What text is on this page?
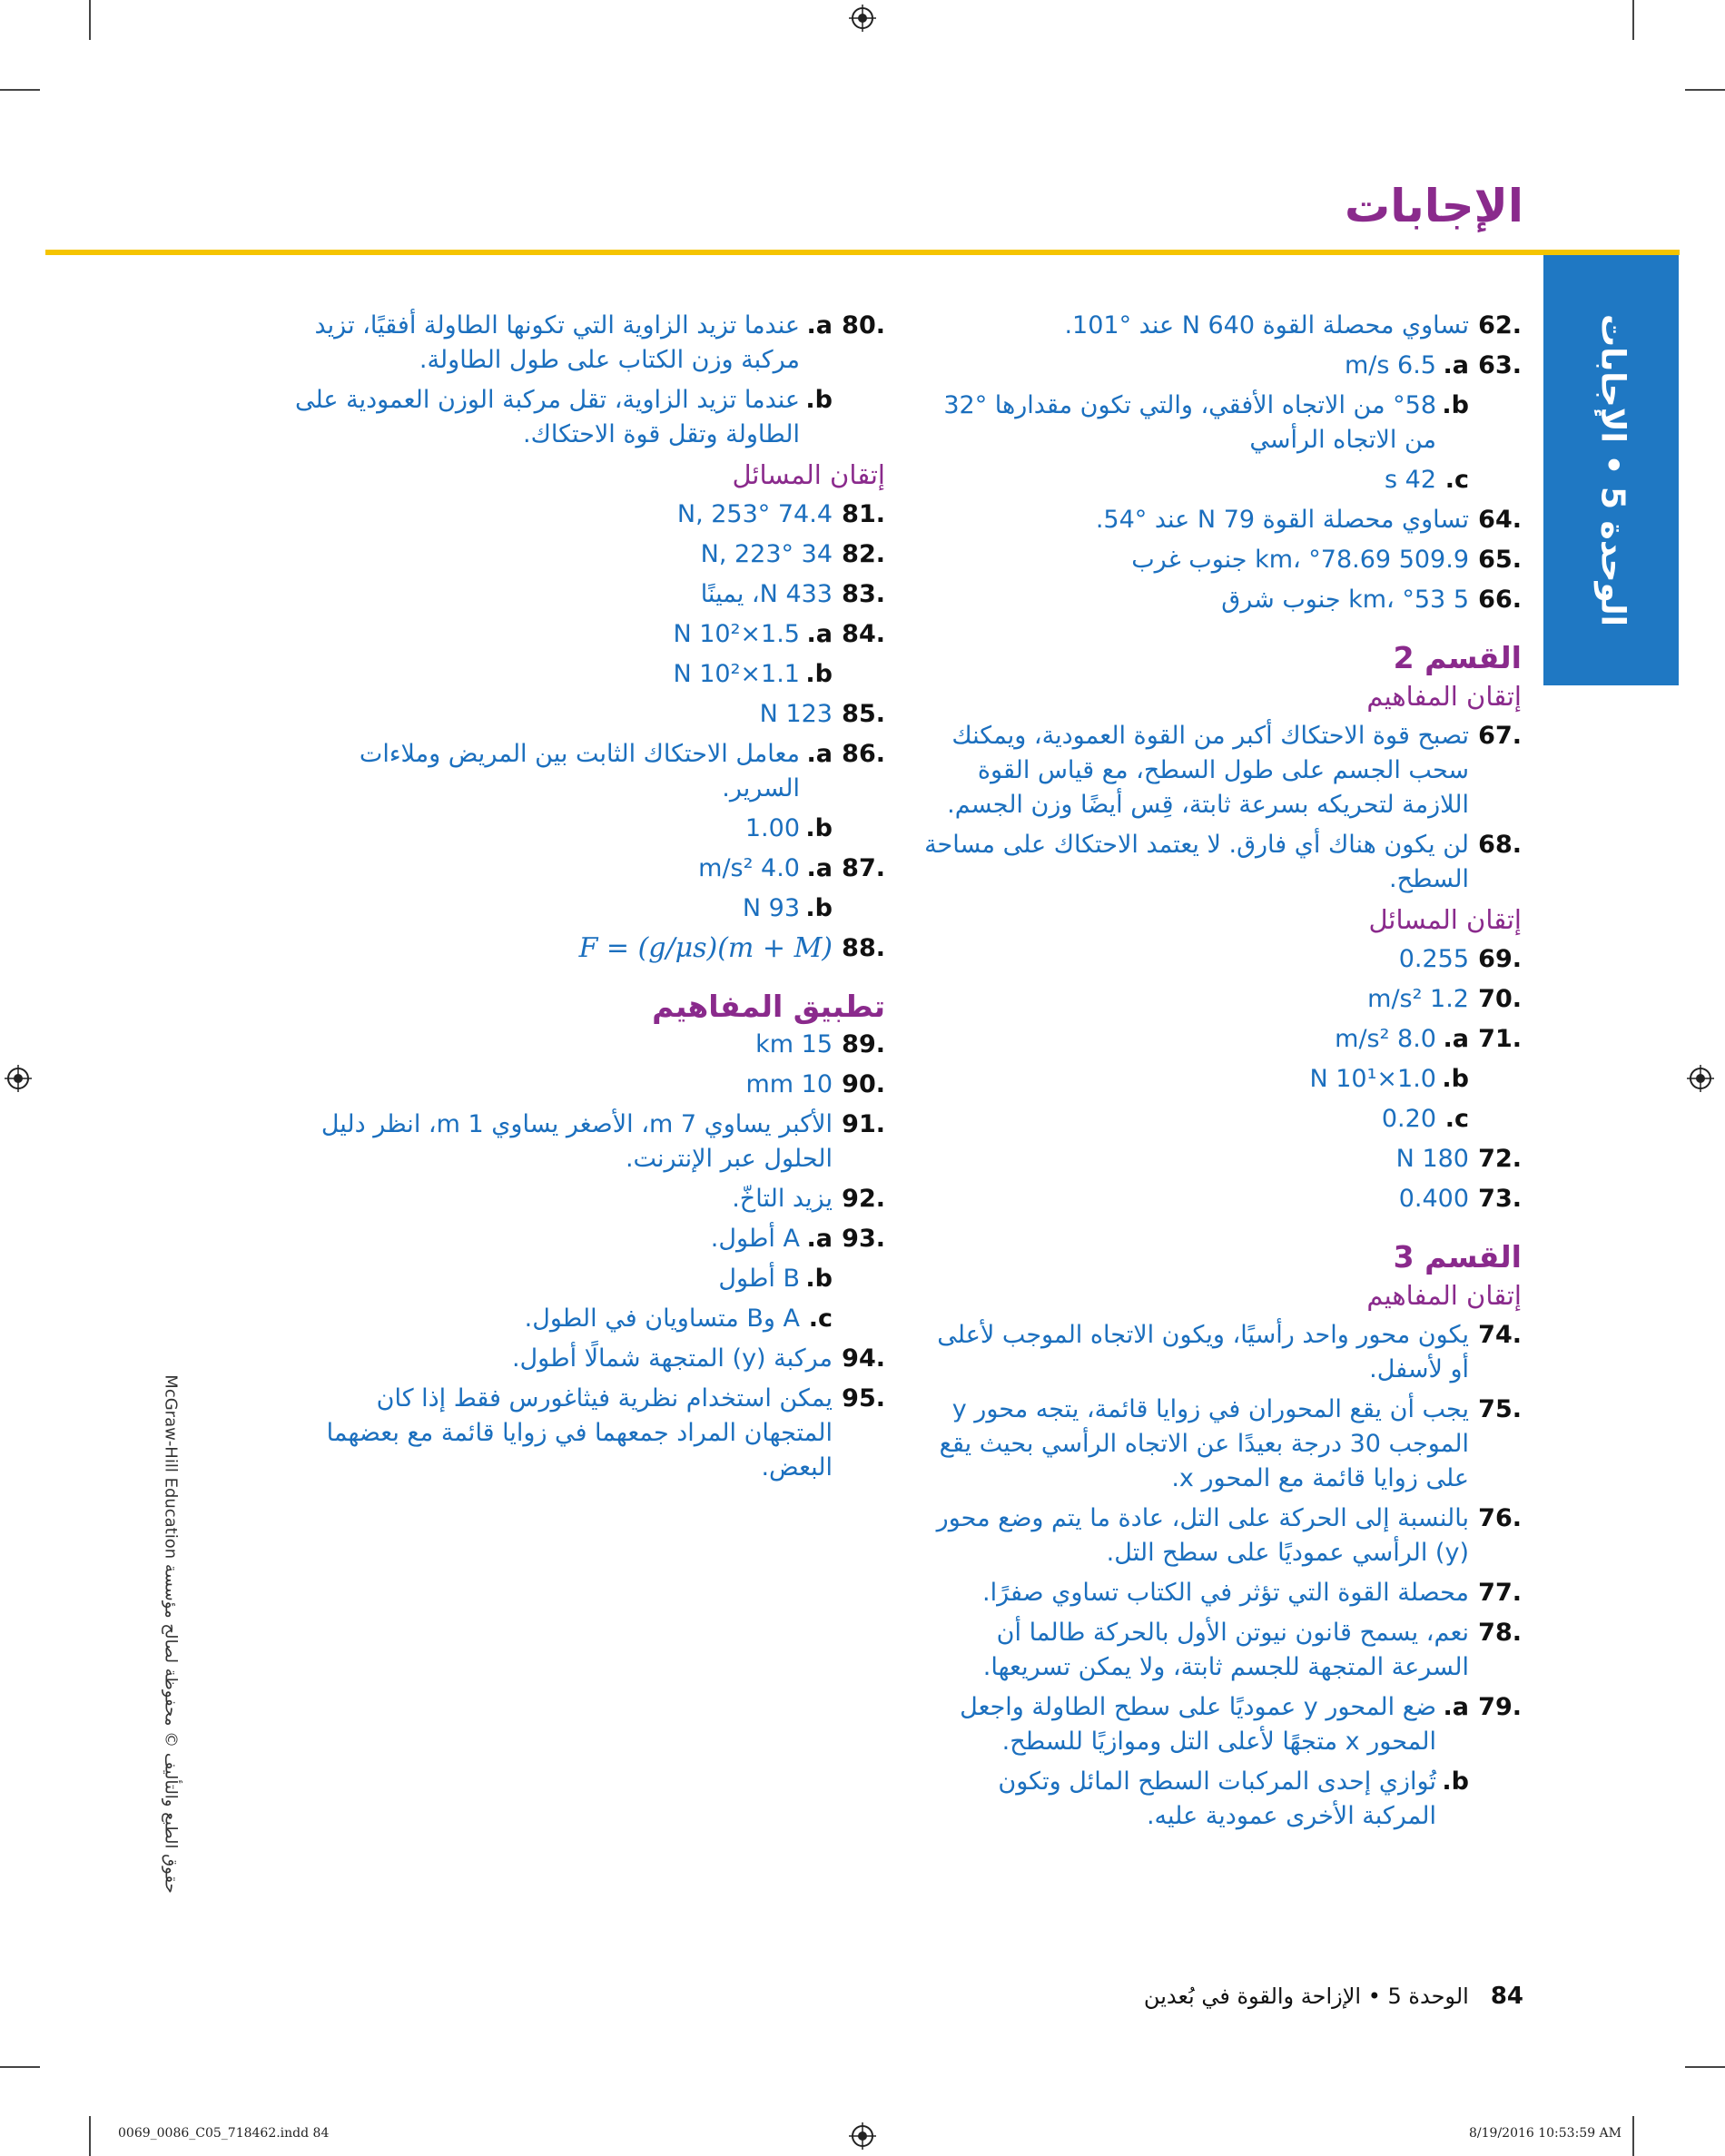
الإجابات
الوحدة 5 • الإجابات
.62
تساوي محصلة القوة 640 N عند °101.
.63
a.
6.5 m/s
b.
°58 من الاتجاه الأفقي، والتي تكون مقدارها °32 من الاتجاه الرأسي
c.
42 s
.64
تساوي محصلة القوة 79 N عند °54.
.65
509.9 km، °78.69 جنوب غرب
.66
5 km، °53 جنوب شرق
القسم 2
إتقان المفاهيم
.67
تصبح قوة الاحتكاك أكبر من القوة العمودية، ويمكنك سحب الجسم على طول السطح، مع قياس القوة اللازمة لتحريكه بسرعة ثابتة، قِس أيضًا وزن الجسم.
.68
لن يكون هناك أي فارق. لا يعتمد الاحتكاك على مساحة السطح.
إتقان المسائل
.69
0.255
.70
1.2 m/s²
.71
a.
8.0 m/s²
b.
1.0×10¹ N
c.
0.20
.72
180 N
.73
0.400
القسم 3
إتقان المفاهيم
.74
يكون محور واحد رأسيًا، ويكون الاتجاه الموجب لأعلى أو لأسفل.
.75
يجب أن يقع المحوران في زوايا قائمة، يتجه محور y الموجب 30 درجة بعيدًا عن الاتجاه الرأسي بحيث يقع على زوايا قائمة مع المحور x.
.76
بالنسبة إلى الحركة على التل، عادة ما يتم وضع محور (y) الرأسي عموديًا على سطح التل.
.77
محصلة القوة التي تؤثر في الكتاب تساوي صفرًا.
.78
نعم، يسمح قانون نيوتن الأول بالحركة طالما أن السرعة المتجهة للجسم ثابتة، ولا يمكن تسريعها.
.79
a.
ضع المحور y عموديًا على سطح الطاولة واجعل المحور x متجهًا لأعلى التل وموازيًا للسطح.
b.
تُوازي إحدى المركبات السطح المائل وتكون المركبة الأخرى عمودية عليه.
.80
a.
عندما تزيد الزاوية التي تكونها الطاولة أفقيًا، تزيد مركبة وزن الكتاب على طول الطاولة.
b.
عندما تزيد الزاوية، تقل مركبة الوزن العمودية على الطاولة وتقل قوة الاحتكاك.
إتقان المسائل
.81
74.4 N, 253°
.82
34 N, 223°
.83
433 N، يمينًا
.84
a.
1.5×10² N
b.
1.1×10² N
.85
123 N
.86
a.
معامل الاحتكاك الثابت بين المريض وملاءات السرير.
b.
1.00
.87
a.
4.0 m/s²
b.
93 N
.88
F = (g/μs)(m + M)
تطبيق المفاهيم
.89
15 km
.90
10 mm
.91
الأكبر يساوي 7 m، الأصغر يساوي 1 m، انظر دليل الحلول عبر الإنترنت.
.92
يزيد التاخّ.
.93
a.
A أطول.
b.
B أطول
c.
A وB متساويان في الطول.
.94
مركبة (y) المتجهة شمالًا أطول.
.95
يمكن استخدام نظرية فيثاغورس فقط إذا كان المتجهان المراد جمعهما في زوايا قائمة مع بعضهما البعض.
حقوق الطبع والتأليف © محفوظة لصالح مؤسسة McGraw-Hill Education
84
الوحدة 5 • الإزاحة والقوة في بُعدين
0069_0086_C05_718462.indd 84	8/19/2016 10:53:59 AM
